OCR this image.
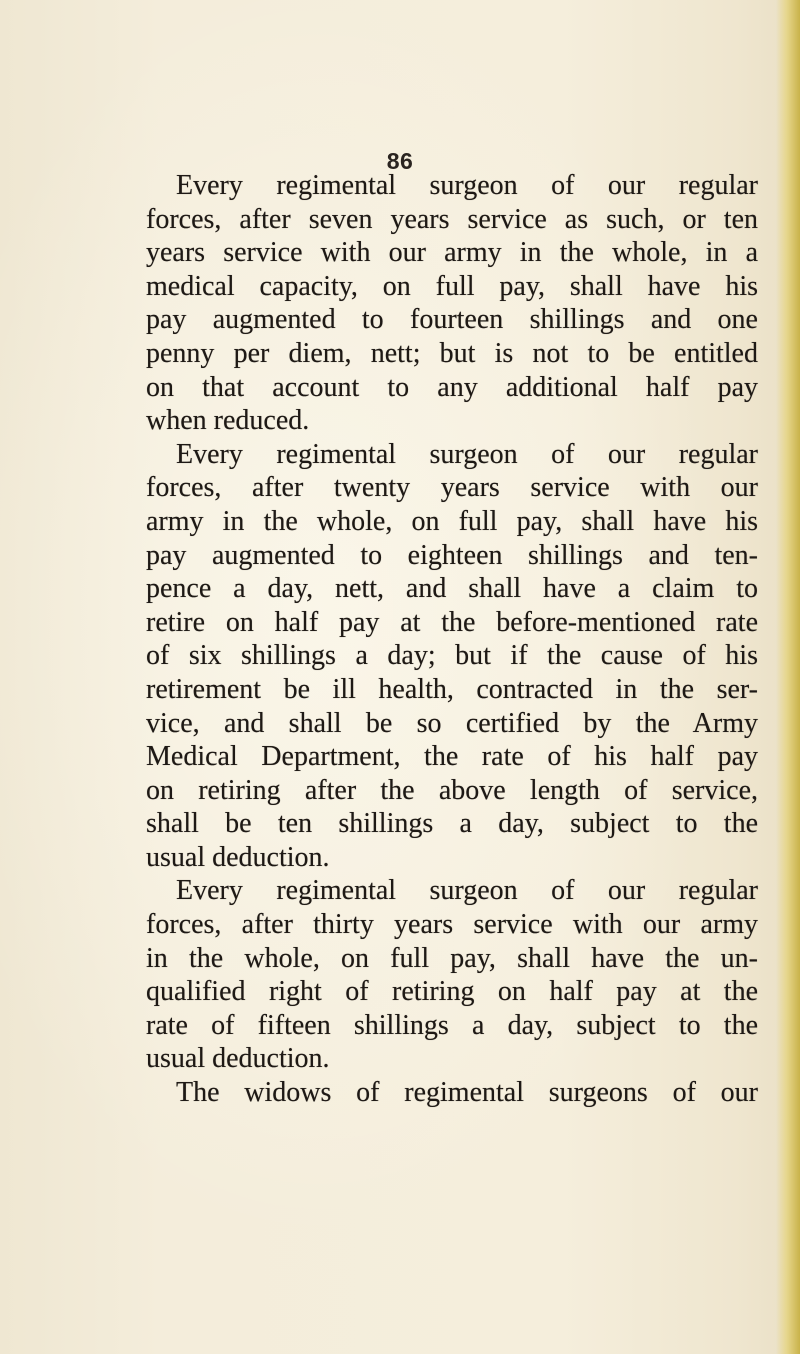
86
Every regimental surgeon of our regular
forces, after seven years service as such, or ten
years service with our army in the whole, in a
medical capacity, on full pay, shall have his
pay augmented to fourteen shillings and one
penny per diem, nett; but is not to be entitled
on that account to any additional half pay
when reduced.
Every regimental surgeon of our regular
forces, after twenty years service with our
army in the whole, on full pay, shall have his
pay augmented to eighteen shillings and ten-
pence a day, nett, and shall have a claim to
retire on half pay at the before-mentioned rate
of six shillings a day; but if the cause of his
retirement be ill health, contracted in the ser-
vice, and shall be so certified by the Army
Medical Department, the rate of his half pay
on retiring after the above length of service,
shall be ten shillings a day, subject to the
usual deduction.
Every regimental surgeon of our regular
forces, after thirty years service with our army
in the whole, on full pay, shall have the un-
qualified right of retiring on half pay at the
rate of fifteen shillings a day, subject to the
usual deduction.
The widows of regimental surgeons of our
